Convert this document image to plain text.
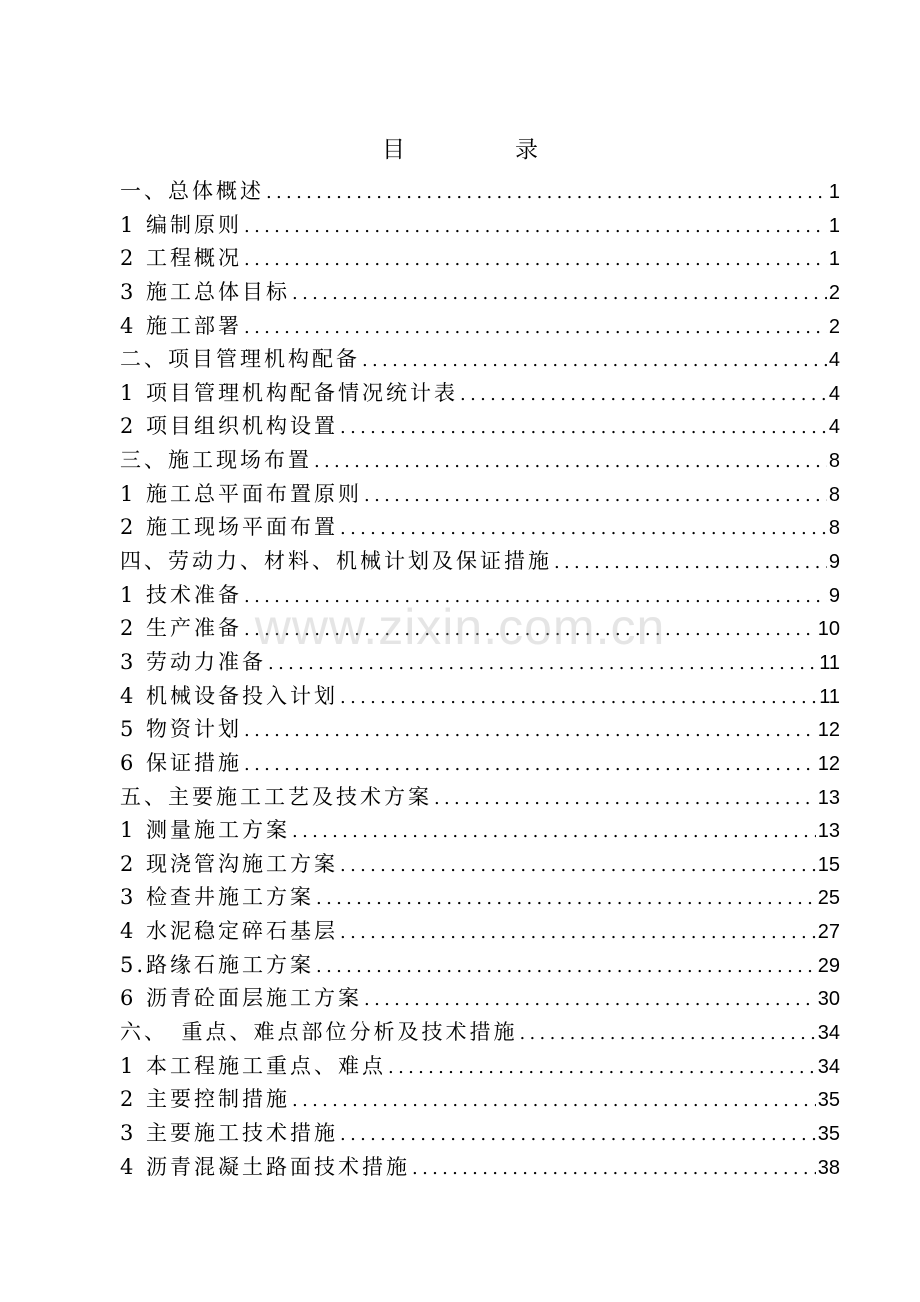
目	录
一、总体概述 .....	1
1 编制原则 .....	1
2 工程概况 .....	1
3 施工总体目标 .....	2
4 施工部署 .....	2
二、项目管理机构配备 .....	4
1 项目管理机构配备情况统计表 .....	4
2 项目组织机构设置 .....	4
三、施工现场布置 .....	8
1 施工总平面布置原则 .....	8
2 施工现场平面布置 .....	8
四、劳动力、材料、机械计划及保证措施 .....	9
1 技术准备 .....	9
2 生产准备 .....	10
3 劳动力准备 .....	11
4 机械设备投入计划 .....	11
5 物资计划 .....	12
6 保证措施 .....	12
五、主要施工工艺及技术方案 .....	13
1 测量施工方案 .....	13
2 现浇管沟施工方案 .....	15
3 检查井施工方案 .....	25
4 水泥稳定碎石基层 .....	27
5.路缘石施工方案 .....	29
6 沥青砼面层施工方案 .....	30
六、　重点、难点部位分析及技术措施 .....	34
1 本工程施工重点、难点 .....	34
2 主要控制措施 .....	35
3 主要施工技术措施 .....	35
4 沥青混凝土路面技术措施 .....	38
www.zixin.com.cn
